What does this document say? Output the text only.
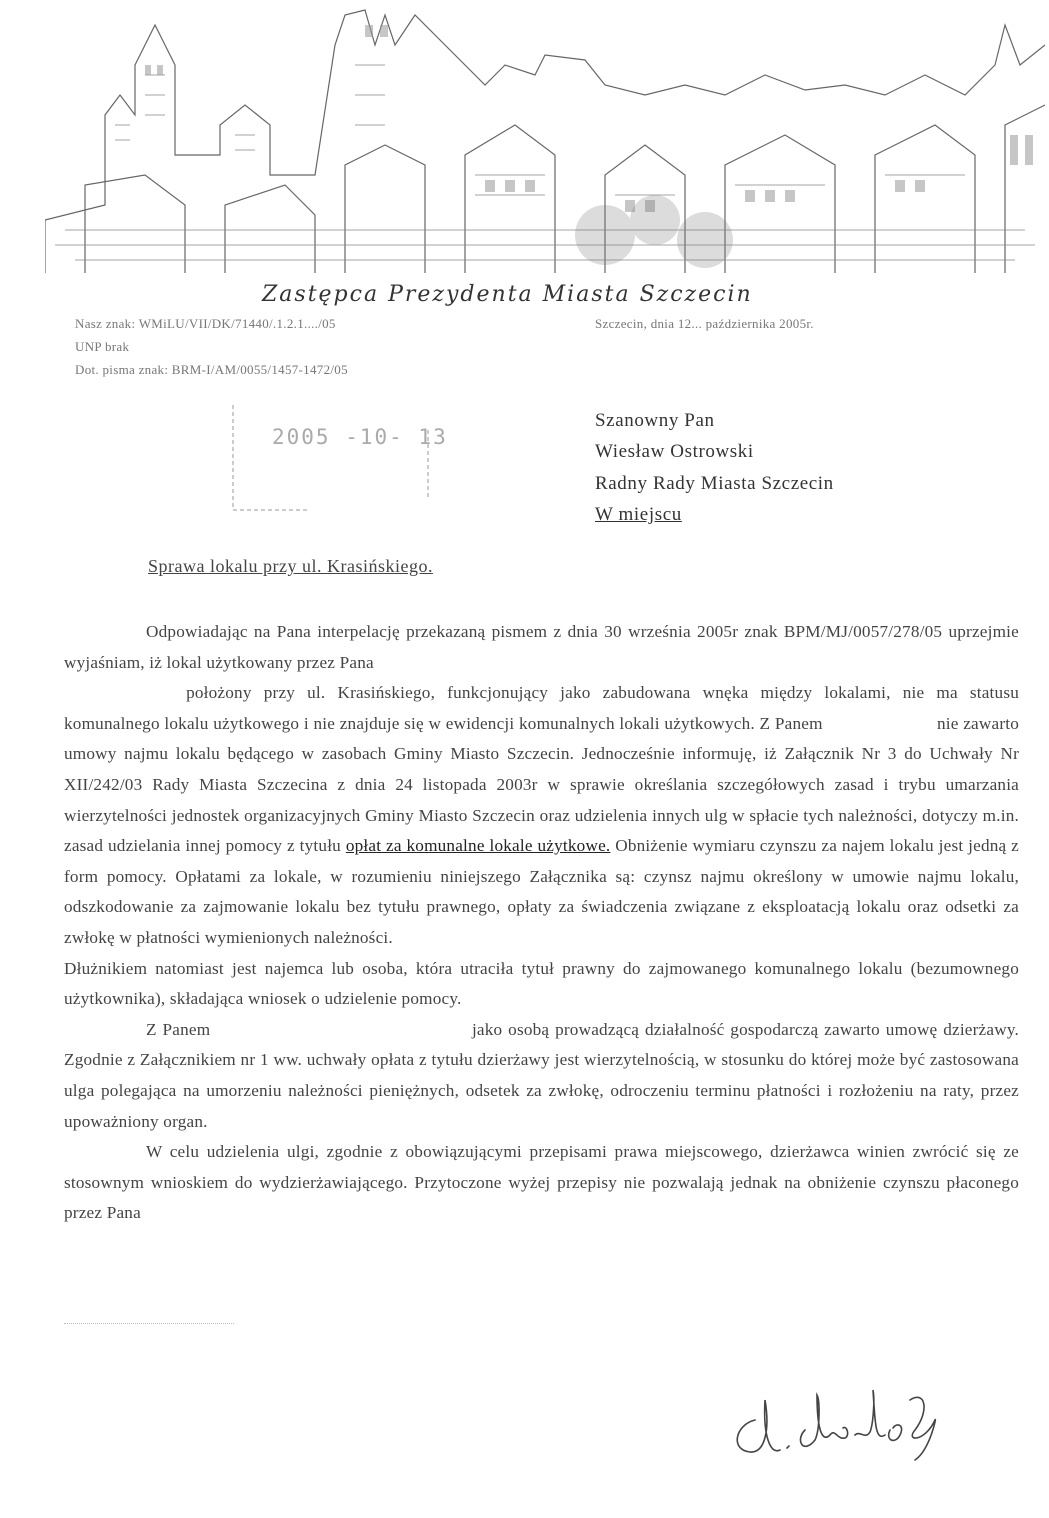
Zastępca Prezydenta Miasta Szczecin
Nasz znak: WMiLU/VII/DK/71440/.1.2.1..../05
UNP brak
Dot. pisma znak: BRM-I/AM/0055/1457-1472/05
Szczecin, dnia 12... października 2005r.
2005 -10- 13
Szanowny Pan
Wiesław Ostrowski
Radny Rady Miasta Szczecin
W miejscu
Sprawa lokalu przy ul. Krasińskiego.

Odpowiadając na Pana interpelację przekazaną pismem z dnia 30 września 2005r znak BPM/MJ/0057/278/05 uprzejmie wyjaśniam, iż lokal użytkowany przez Pana
położony przy ul. Krasińskiego, funkcjonujący jako zabudowana wnęka między lokalami, nie ma statusu komunalnego lokalu użytkowego i nie znajduje się w ewidencji komunalnych lokali użytkowych. Z Panem	nie zawarto umowy najmu lokalu będącego w zasobach Gminy Miasto Szczecin. Jednocześnie informuję, iż Załącznik Nr 3 do Uchwały Nr XII/242/03 Rady Miasta Szczecina z dnia 24 listopada 2003r w sprawie określania szczegółowych zasad i trybu umarzania wierzytelności jednostek organizacyjnych Gminy Miasto Szczecin oraz udzielenia innych ulg w spłacie tych należności, dotyczy m.in. zasad udzielania innej pomocy z tytułu opłat za komunalne lokale użytkowe. Obniżenie wymiaru czynszu za najem lokalu jest jedną z form pomocy. Opłatami za lokale, w rozumieniu niniejszego Załącznika są: czynsz najmu określony w umowie najmu lokalu, odszkodowanie za zajmowanie lokalu bez tytułu prawnego, opłaty za świadczenia związane z eksploatacją lokalu oraz odsetki za zwłokę w płatności wymienionych należności.

Dłużnikiem natomiast jest najemca lub osoba, która utraciła tytuł prawny do zajmowanego komunalnego lokalu (bezumownego użytkownika), składająca wniosek o udzielenie pomocy.

Z Panem	jako osobą prowadzącą działalność gospodarczą zawarto umowę dzierżawy. Zgodnie z Załącznikiem nr 1 ww. uchwały opłata z tytułu dzierżawy jest wierzytelnością, w stosunku do której może być zastosowana ulga polegająca na umorzeniu należności pieniężnych, odsetek za zwłokę, odroczeniu terminu płatności i rozłożeniu na raty, przez upoważniony organ.

W celu udzielenia ulgi, zgodnie z obowiązującymi przepisami prawa miejscowego, dzierżawca winien zwrócić się ze stosownym wnioskiem do wydzierżawiającego. Przytoczone wyżej przepisy nie pozwalają jednak na obniżenie czynszu płaconego przez Pana
